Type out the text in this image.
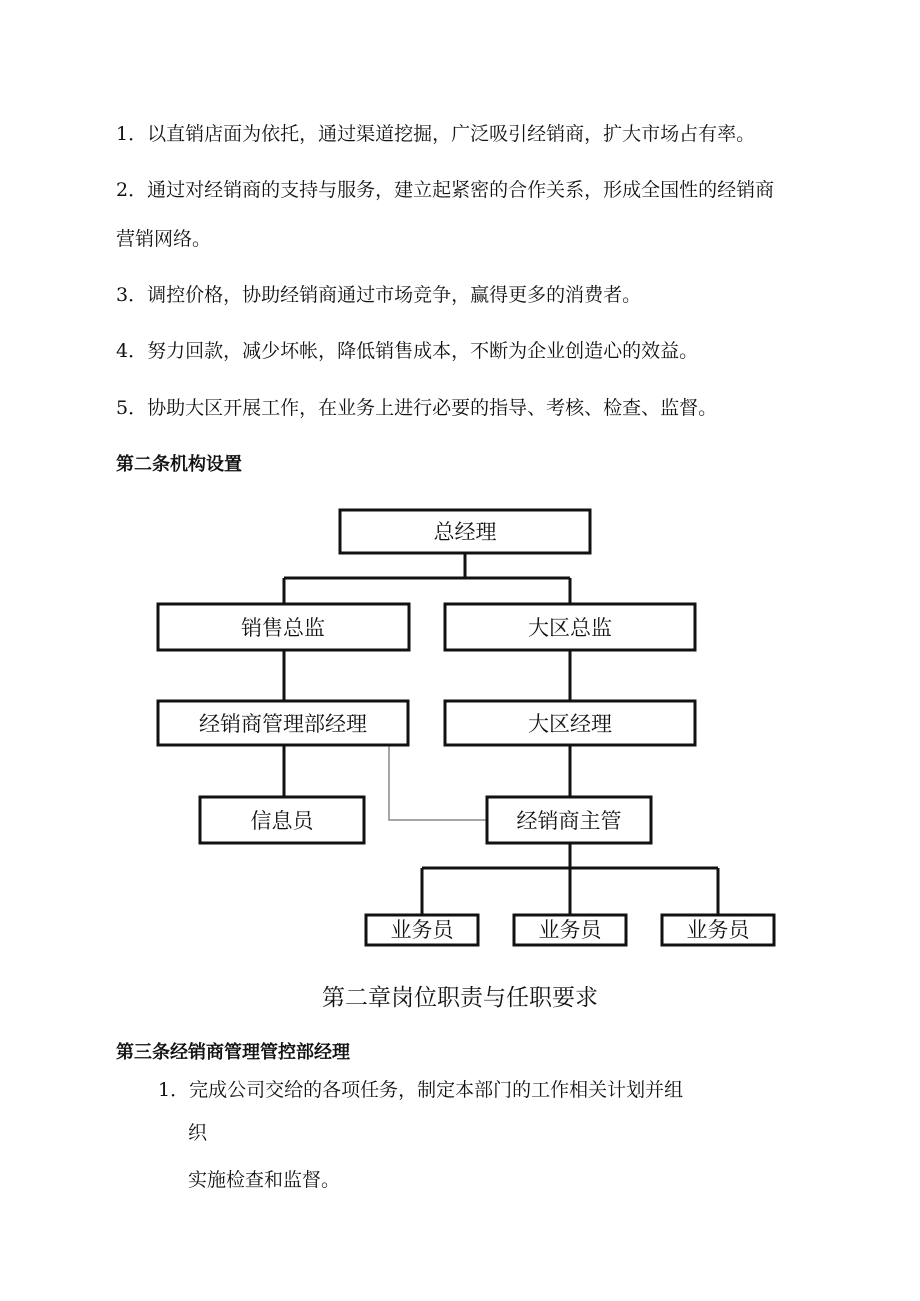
1．以直销店面为依托，通过渠道挖掘，广泛吸引经销商，扩大市场占有率。
2．通过对经销商的支持与服务，建立起紧密的合作关系，形成全国性的经销商
营销网络。
3．调控价格，协助经销商通过市场竞争，赢得更多的消费者。
4．努力回款，减少坏帐，降低销售成本，不断为企业创造心的效益。
5．协助大区开展工作，在业务上进行必要的指导、考核、检查、监督。
第二条机构设置
总经理
销售总监	大区总监
经销商管理部经理	大区经理
信息员	经销商主管
业务员	业务员	业务员
第二章岗位职责与任职要求
第三条经销商管理管控部经理
1．完成公司交给的各项任务，制定本部门的工作相关计划并组
织
实施检查和监督。
